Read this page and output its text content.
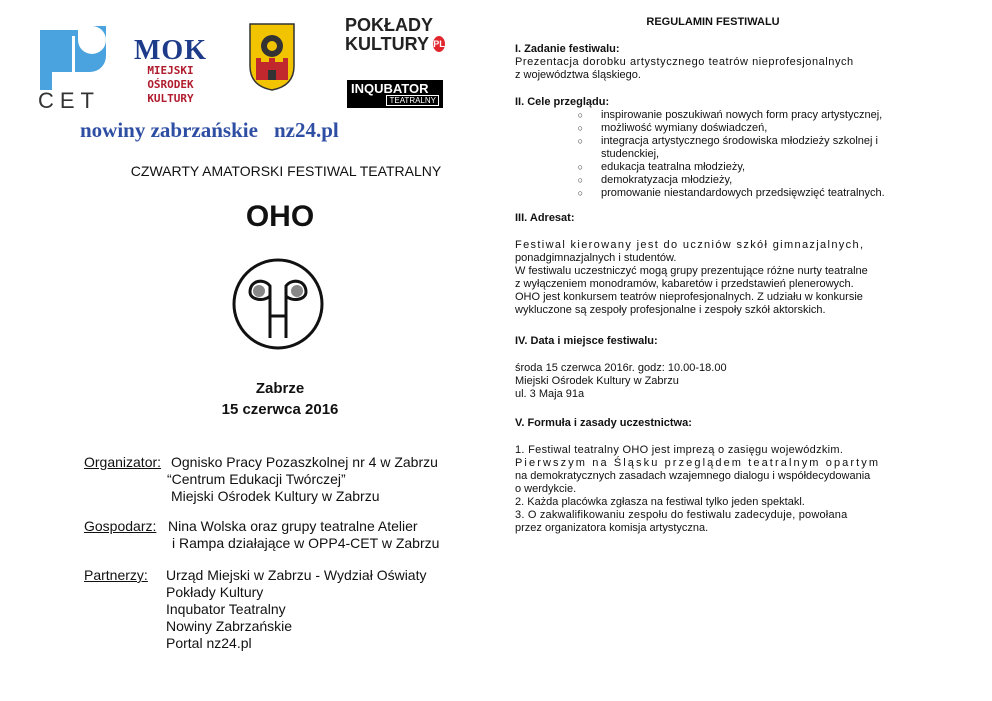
CET
MOK
MIEJSKI
OŚRODEK
KULTURY
POKŁADY
KULTURY PL
INQUBATOR
TEATRALNY
nowiny zabrzańskie nz24.pl
CZWARTY AMATORSKI FESTIWAL TEATRALNY
OHO
Zabrze
15 czerwca 2016
Organizator: Ognisko Pracy Pozaszkolnej nr 4 w Zabrzu
“Centrum Edukacji Twórczej”
Miejski Ośrodek Kultury w Zabrzu
Gospodarz: Nina Wolska oraz grupy teatralne Atelier
i Rampa działające w OPP4-CET w Zabrzu
Partnerzy:	Urząd Miejski w Zabrzu - Wydział Oświaty
Pokłady Kultury
Inqubator Teatralny
Nowiny Zabrzańskie
Portal nz24.pl
REGULAMIN FESTIWALU
I. Zadanie festiwalu:
Prezentacja dorobku artystycznego teatrów nieprofesjonalnych
z województwa śląskiego.
II. Cele przeglądu:
○	inspirowanie poszukiwań nowych form pracy artystycznej,
○	możliwość wymiany doświadczeń,
○	integracja artystycznego środowiska młodzieży szkolnej i studenckiej,
○	edukacja teatralna młodzieży,
○	demokratyzacja młodzieży,
○	promowanie niestandardowych przedsięwzięć teatralnych.
III. Adresat:
Festiwal kierowany jest do uczniów szkół gimnazjalnych,
ponadgimnazjalnych i studentów.
W festiwalu uczestniczyć mogą grupy prezentujące różne nurty teatralne
z wyłączeniem monodramów, kabaretów i przedstawień plenerowych.
OHO jest konkursem teatrów nieprofesjonalnych. Z udziału w konkursie
wykluczone są zespoły profesjonalne i zespoły szkół aktorskich.
IV. Data i miejsce festiwalu:
środa 15 czerwca 2016r. godz: 10.00-18.00
Miejski Ośrodek Kultury w Zabrzu
ul. 3 Maja 91a
V. Formuła i zasady uczestnictwa:
1. Festiwal teatralny OHO jest imprezą o zasięgu wojewódzkim.
Pierwszym na Śląsku przeglądem teatralnym opartym
na demokratycznych zasadach wzajemnego dialogu i współdecydowania
o werdykcie.
2. Każda placówka zgłasza na festiwal tylko jeden spektakl.
3. O zakwalifikowaniu zespołu do festiwalu zadecyduje, powołana
przez organizatora komisja artystyczna.
